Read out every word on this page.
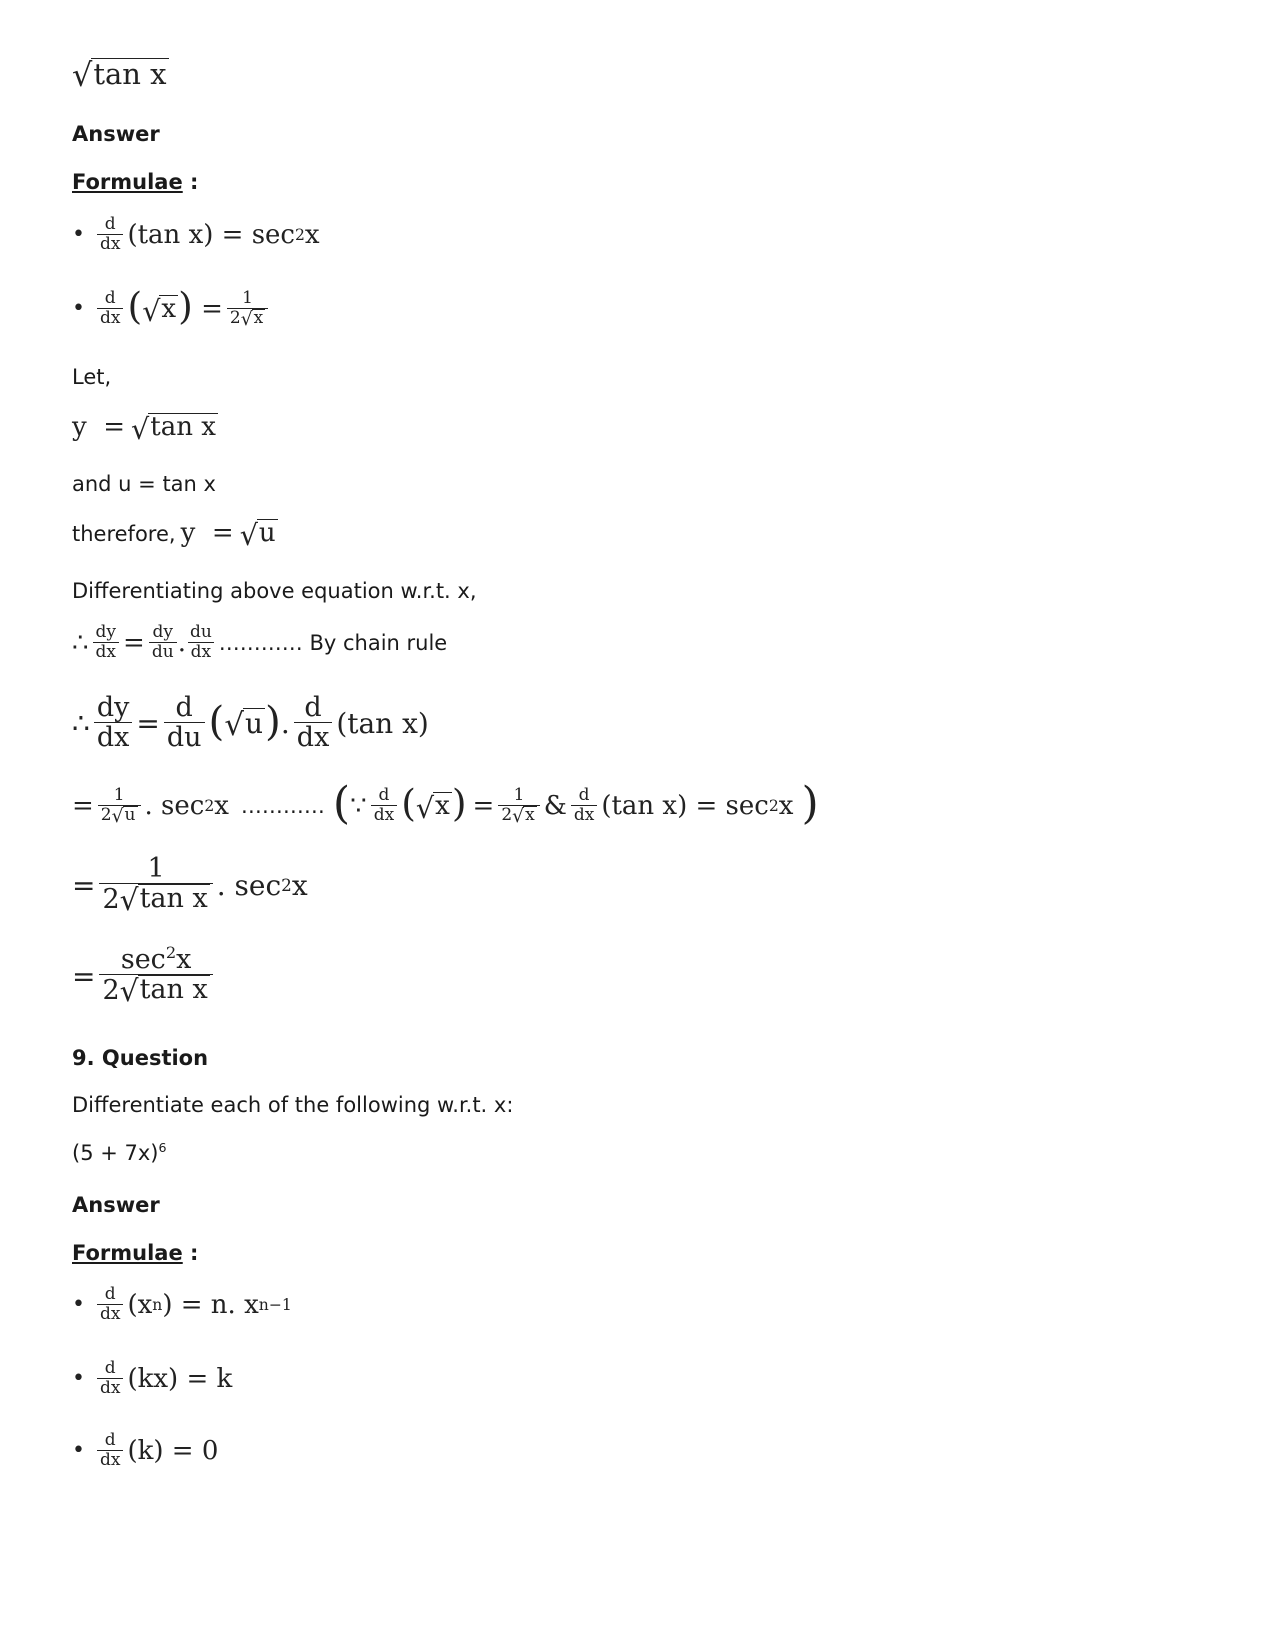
√ tan x
Answer
Formulae :
• $\frac{d}{dx} (\tan$ x) = sec 2 x
• $\frac{d}{dx}$ ( √ x ) = $\frac{1}{2 √ x}$
Let,
y  = √ tan x
and u = tan x
therefore, y  = √ u
Differentiating above equation w.r.t. x,
∴ $\frac{dy}{dx} = \frac{dy}{du}$ . $\frac{du}{dx}$ ………… By chain rule
∴ $\frac{dy}{dx} = \frac{d}{du}$ ( √ u ) . $\frac{d}{dx} (\tan$ x)
= $\frac{1}{2 √ u}$ . sec 2 x ………… ( ∵ $\frac{d}{dx}$ ( √ x ) = $\frac{1}{2 √ x}$ & $\frac{d}{dx} (\tan$ x) = sec 2 x )
= $\frac{1}{\text{2 √ tan x}}$ . sec 2 x
= $\frac{\sec^2x}{\text{2 √ tan x}}$
9. Question
Differentiate each of the following w.r.t. x:
$(5 + 7x)^6$
Answer
Formulae :
• $\frac{d}{dx} (x$ n ) = n. x n−1
• $\frac{d}{dx} (kx) = k$
• $\frac{d}{dx} (k) = 0$
